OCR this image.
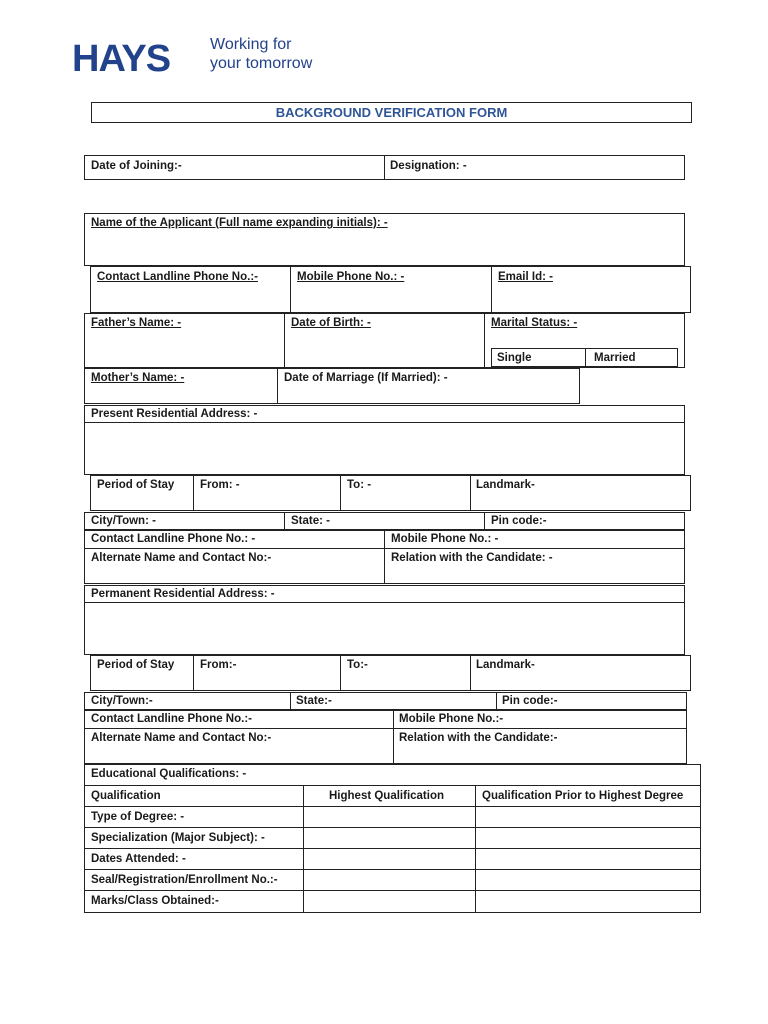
HAYS Working for
your tomorrow
BACKGROUND VERIFICATION FORM
Date of Joining:-	Designation: -
Name of the Applicant (Full name expanding initials): -
Contact Landline Phone No.:-	Mobile Phone No.: -	Email Id: -
Father’s Name: -	Date of Birth: -	Marital Status: -
Single	Married
Mother’s Name: -	Date of Marriage (If Married): -
Present Residential Address: -
Period of Stay From: -	To: -	Landmark-
City/Town: -	State: -	Pin code:-
Contact Landline Phone No.: -	Mobile Phone No.: -
Alternate Name and Contact No:-	Relation with the Candidate: -
Permanent Residential Address: -
Period of Stay From:-	To:-	Landmark-
City/Town:-	State:-	Pin code:-
Contact Landline Phone No.:-	Mobile Phone No.:-
Alternate Name and Contact No:-	Relation with the Candidate:-
Educational Qualifications: -
Qualification	Highest Qualification	Qualification Prior to Highest Degree
Type of Degree: -
Specialization (Major Subject): -
Dates Attended: -
Seal/Registration/Enrollment No.:-
Marks/Class Obtained:-
